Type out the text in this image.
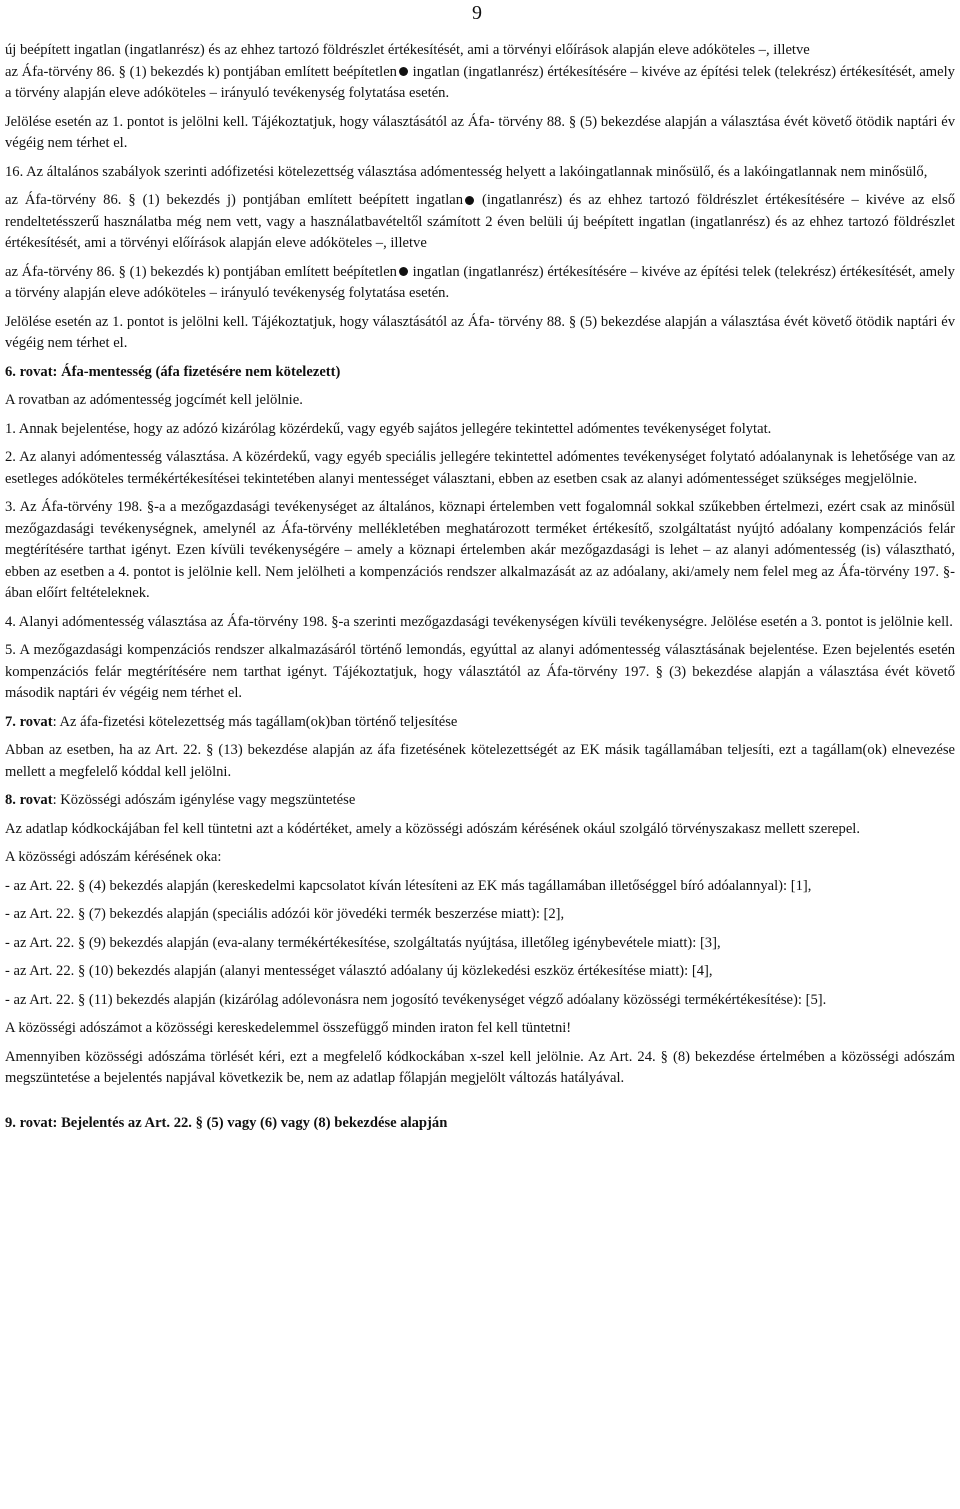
9

új beépített ingatlan (ingatlanrész) és az ehhez tartozó földrészlet értékesítését, ami a törvényi előírások alapján eleve adóköteles –, illetve

az Áfa-törvény 86. § (1) bekezdés k) pontjában említett beépítetlen ingatlan (ingatlanrész) értékesítésére – kivéve az építési telek (telekrész) értékesítését, amely a törvény alapján eleve adóköteles – irányuló tevékenység folytatása esetén.

Jelölése esetén az 1. pontot is jelölni kell. Tájékoztatjuk, hogy választásától az Áfa- törvény 88. § (5) bekezdése alapján a választása évét követő ötödik naptári év végéig nem térhet el.

16. Az általános szabályok szerinti adófizetési kötelezettség választása adómentesség helyett a lakóingatlannak minősülő, és a lakóingatlannak nem minősülő,

az Áfa-törvény 86. § (1) bekezdés j) pontjában említett beépített ingatlan (ingatlanrész) és az ehhez tartozó földrészlet értékesítésére – kivéve az első rendeltetésszerű használatba még nem vett, vagy a használatbavételtől számított 2 éven belüli új beépített ingatlan (ingatlanrész) és az ehhez tartozó földrészlet értékesítését, ami a törvényi előírások alapján eleve adóköteles –, illetve

az Áfa-törvény 86. § (1) bekezdés k) pontjában említett beépítetlen ingatlan (ingatlanrész) értékesítésére – kivéve az építési telek (telekrész) értékesítését, amely a törvény alapján eleve adóköteles – irányuló tevékenység folytatása esetén.

Jelölése esetén az 1. pontot is jelölni kell. Tájékoztatjuk, hogy választásától az Áfa- törvény 88. § (5) bekezdése alapján a választása évét követő ötödik naptári év végéig nem térhet el.

6. rovat: Áfa-mentesség (áfa fizetésére nem kötelezett)

A rovatban az adómentesség jogcímét kell jelölnie.

1. Annak bejelentése, hogy az adózó kizárólag közérdekű, vagy egyéb sajátos jellegére tekintettel adómentes tevékenységet folytat.

2. Az alanyi adómentesség választása. A közérdekű, vagy egyéb speciális jellegére tekintettel adómentes tevékenységet folytató adóalanynak is lehetősége van az esetleges adóköteles termékértékesítései tekintetében alanyi mentességet választani, ebben az esetben csak az alanyi adómentességet szükséges megjelölnie.

3. Az Áfa-törvény 198. §-a a mezőgazdasági tevékenységet az általános, köznapi értelemben vett fogalomnál sokkal szűkebben értelmezi, ezért csak az minősül mezőgazdasági tevékenységnek, amelynél az Áfa-törvény mellékletében meghatározott terméket értékesítő, szolgáltatást nyújtó adóalany kompenzációs felár megtérítésére tarthat igényt. Ezen kívüli tevékenységére – amely a köznapi értelemben akár mezőgazdasági is lehet – az alanyi adómentesség (is) választható, ebben az esetben a 4. pontot is jelölnie kell. Nem jelölheti a kompenzációs rendszer alkalmazását az az adóalany, aki/amely nem felel meg az Áfa-törvény 197. §-ában előírt feltételeknek.

4. Alanyi adómentesség választása az Áfa-törvény 198. §-a szerinti mezőgazdasági tevékenységen kívüli tevékenységre. Jelölése esetén a 3. pontot is jelölnie kell.

5. A mezőgazdasági kompenzációs rendszer alkalmazásáról történő lemondás, egyúttal az alanyi adómentesség választásának bejelentése. Ezen bejelentés esetén kompenzációs felár megtérítésére nem tarthat igényt. Tájékoztatjuk, hogy választától az Áfa-törvény 197. § (3) bekezdése alapján a választása évét követő második naptári év végéig nem térhet el.

7. rovat: Az áfa-fizetési kötelezettség más tagállam(ok)ban történő teljesítése

Abban az esetben, ha az Art. 22. § (13) bekezdése alapján az áfa fizetésének kötelezettségét az EK másik tagállamában teljesíti, ezt a tagállam(ok) elnevezése mellett a megfelelő kóddal kell jelölni.

8. rovat: Közösségi adószám igénylése vagy megszüntetése

Az adatlap kódkockájában fel kell tüntetni azt a kódértéket, amely a közösségi adószám kérésének okául szolgáló törvényszakasz mellett szerepel.

A közösségi adószám kérésének oka:

- az Art. 22. § (4) bekezdés alapján (kereskedelmi kapcsolatot kíván létesíteni az EK más tagállamában illetőséggel bíró adóalannyal): [1],

- az Art. 22. § (7) bekezdés alapján (speciális adózói kör jövedéki termék beszerzése miatt): [2],

- az Art. 22. § (9) bekezdés alapján (eva-alany termékértékesítése, szolgáltatás nyújtása, illetőleg igénybevétele miatt): [3],

- az Art. 22. § (10) bekezdés alapján (alanyi mentességet választó adóalany új közlekedési eszköz értékesítése miatt): [4],

- az Art. 22. § (11) bekezdés alapján (kizárólag adólevonásra nem jogosító tevékenységet végző adóalany közösségi termékértékesítése): [5].

A közösségi adószámot a közösségi kereskedelemmel összefüggő minden iraton fel kell tüntetni!

Amennyiben közösségi adószáma törlését kéri, ezt a megfelelő kódkockában x-szel kell jelölnie. Az Art. 24. § (8) bekezdése értelmében a közösségi adószám megszüntetése a bejelentés napjával következik be, nem az adatlap főlapján megjelölt változás hatályával.

9. rovat: Bejelentés az Art. 22. § (5) vagy (6) vagy (8) bekezdése alapján
